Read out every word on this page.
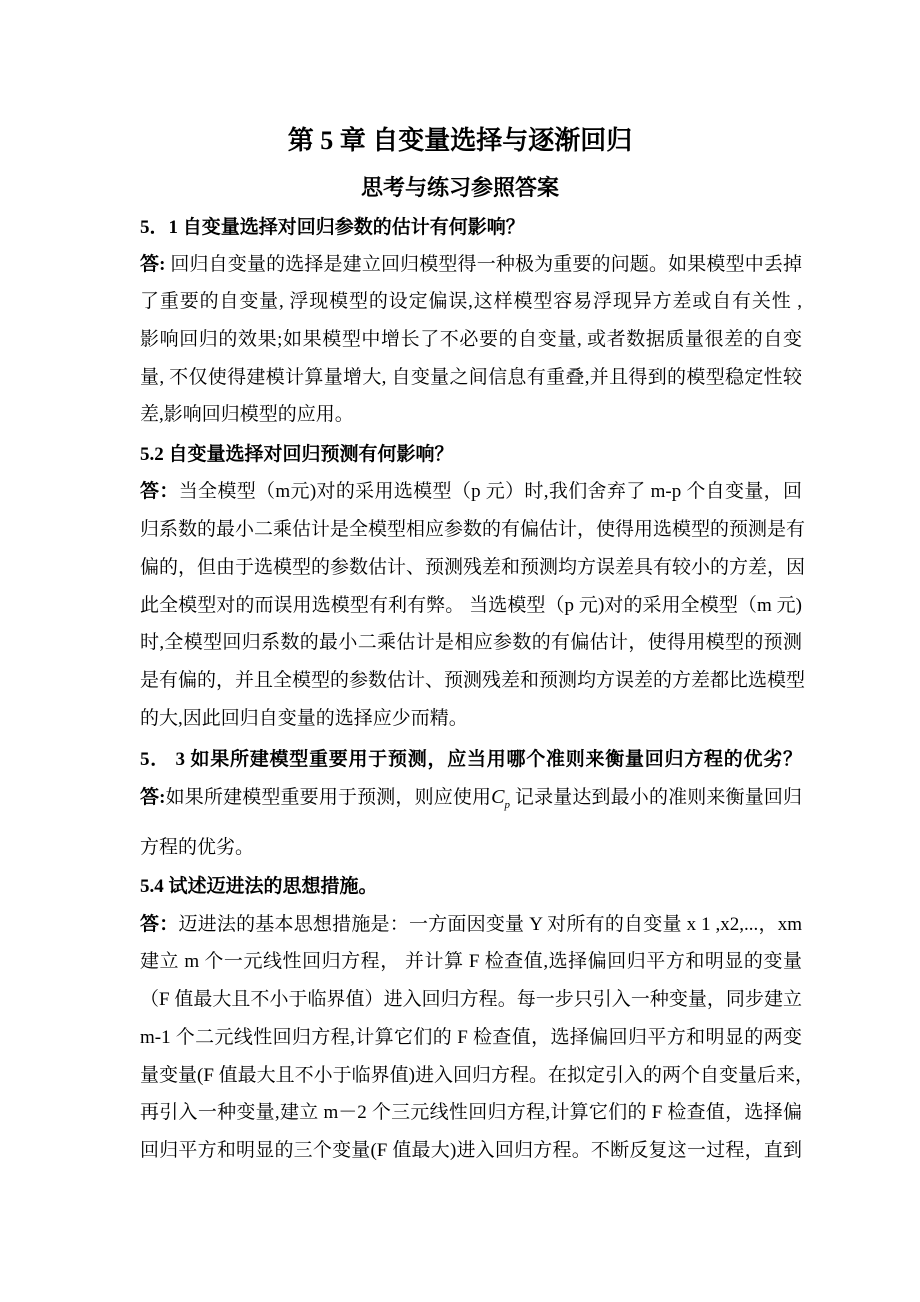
第 5 章 自变量选择与逐渐回归
思考与练习参照答案
5．1 自变量选择对回归参数的估计有何影响？
答: 回归自变量的选择是建立回归模型得一种极为重要的问题。如果模型中丢掉
了重要的自变量, 浮现模型的设定偏误,这样模型容易浮现异方差或自有关性 ,
影响回归的效果;如果模型中增长了不必要的自变量, 或者数据质量很差的自变
量, 不仅使得建模计算量增大, 自变量之间信息有重叠,并且得到的模型稳定性较
差,影响回归模型的应用。
5.2 自变量选择对回归预测有何影响？
答：当全模型（m元)对的采用选模型（p 元）时,我们舍弃了 m-p 个自变量，回
归系数的最小二乘估计是全模型相应参数的有偏估计，使得用选模型的预测是有
偏的，但由于选模型的参数估计、预测残差和预测均方误差具有较小的方差，因
此全模型对的而误用选模型有利有弊。 当选模型（p 元)对的采用全模型（m 元)
时,全模型回归系数的最小二乘估计是相应参数的有偏估计，使得用模型的预测
是有偏的，并且全模型的参数估计、预测残差和预测均方误差的方差都比选模型
的大,因此回归自变量的选择应少而精。
5． 3 如果所建模型重要用于预测，应当用哪个准则来衡量回归方程的优劣？
答:如果所建模型重要用于预测，则应使用$C_p$ 记录量达到最小的准则来衡量回归
方程的优劣。
5.4 试述迈进法的思想措施。
答：迈进法的基本思想措施是：一方面因变量 Y 对所有的自变量 x 1 ,x2,...，xm
建立 m 个一元线性回归方程， 并计算 F 检查值,选择偏回归平方和明显的变量
（F 值最大且不小于临界值）进入回归方程。每一步只引入一种变量，同步建立
m-1 个二元线性回归方程,计算它们的 F 检查值，选择偏回归平方和明显的两变
量变量(F 值最大且不小于临界值)进入回归方程。在拟定引入的两个自变量后来，
再引入一种变量,建立 m－2 个三元线性回归方程,计算它们的 F 检查值，选择偏
回归平方和明显的三个变量(F 值最大)进入回归方程。不断反复这一过程，直到
